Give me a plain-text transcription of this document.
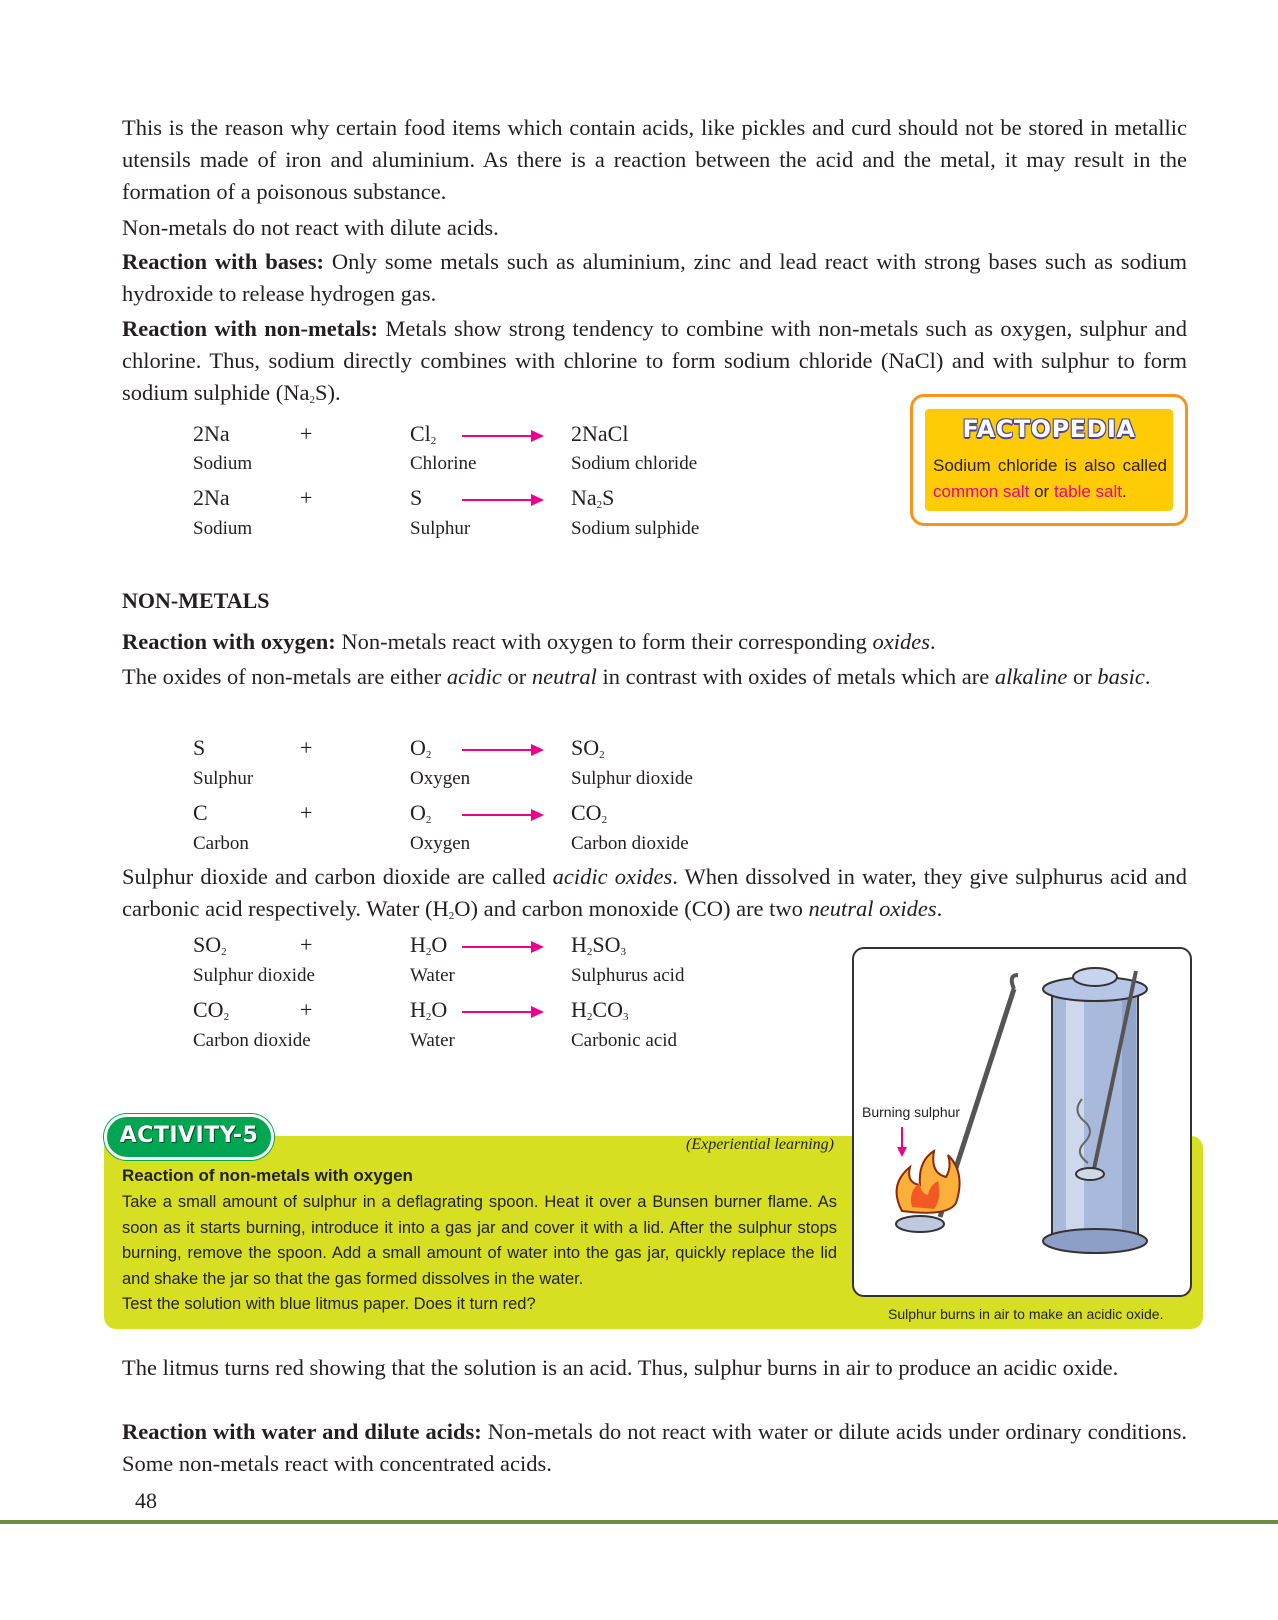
This is the reason why certain food items which contain acids, like pickles and curd should not be stored in metallic utensils made of iron and aluminium. As there is a reaction between the acid and the metal, it may result in the formation of a poisonous substance.
Non-metals do not react with dilute acids.
Reaction with bases: Only some metals such as aluminium, zinc and lead react with strong bases such as sodium hydroxide to release hydrogen gas.
Reaction with non-metals: Metals show strong tendency to combine with non-metals such as oxygen, sulphur and chlorine. Thus, sodium directly combines with chlorine to form sodium chloride (NaCl) and with sulphur to form sodium sulphide $(Na_2S)$.
2Na	+	$Cl_2$	2NaCl
Sodium	Chlorine	Sodium chloride
2Na	+	S	$Na_2S$
Sodium	Sulphur	Sodium sulphide
FACTOPEDIA
Sodium chloride is also called common salt or table salt.
NON-METALS
Reaction with oxygen: Non-metals react with oxygen to form their corresponding oxides.
The oxides of non-metals are either acidic or neutral in contrast with oxides of metals which are alkaline or basic.
S	+	$O_2$	$SO_2$
Sulphur	Oxygen	Sulphur dioxide
C	+	$O_2$	$CO_2$
Carbon	Oxygen	Carbon dioxide
Sulphur dioxide and carbon dioxide are called acidic oxides. When dissolved in water, they give sulphurus acid and carbonic acid respectively. Water $(H_2O)$ and carbon monoxide (CO) are two neutral oxides.
$SO_2$	+	$H_2O$	$H_2SO_3$
Sulphur dioxide	Water	Sulphurus acid
$CO_2$	+	$H_2O$	$H_2CO_3$
Carbon dioxide	Water	Carbonic acid
ACTIVITY-5	(Experiential learning)
Reaction of non-metals with oxygen
Take a small amount of sulphur in a deflagrating spoon. Heat it over a Bunsen burner flame. As soon as it starts burning, introduce it into a gas jar and cover it with a lid. After the sulphur stops burning, remove the spoon. Add a small amount of water into the gas jar, quickly replace the lid and shake the jar so that the gas formed dissolves in the water.
Test the solution with blue litmus paper. Does it turn red?
Burning sulphur
Sulphur burns in air to make an acidic oxide.
The litmus turns red showing that the solution is an acid. Thus, sulphur burns in air to produce an acidic oxide.
Reaction with water and dilute acids: Non-metals do not react with water or dilute acids under ordinary conditions. Some non-metals react with concentrated acids.
48
